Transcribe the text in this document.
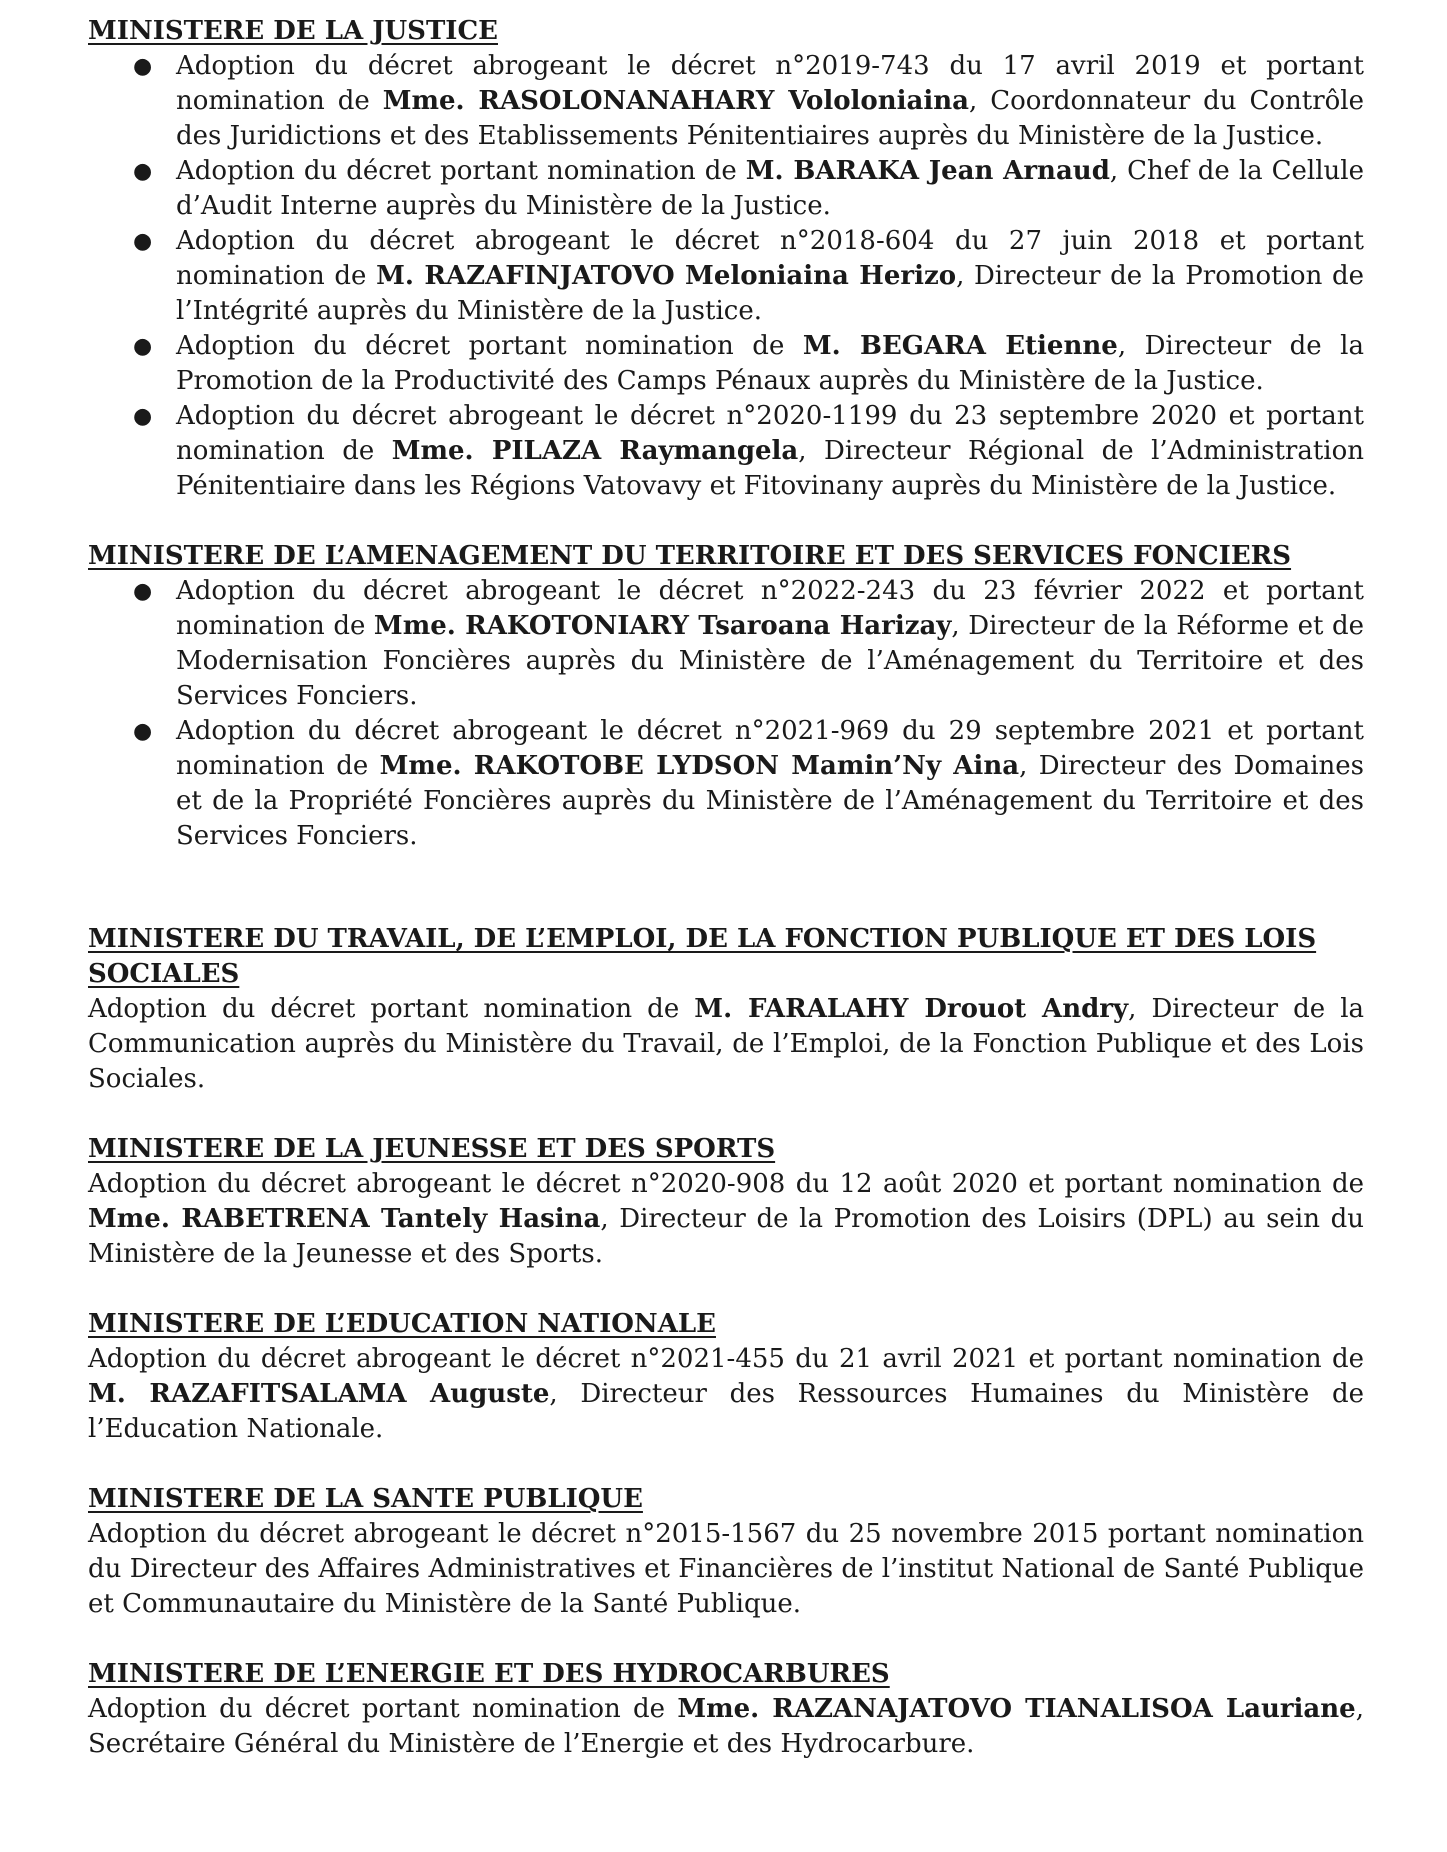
MINISTERE DE LA JUSTICE

● Adoption du décret abrogeant le décret n°2019-743 du 17 avril 2019 et portant nomination de Mme. RASOLONANAHARY Vololoniaina, Coordonnateur du Contrôle des Juridictions et des Etablissements Pénitentiaires auprès du Ministère de la Justice.
● Adoption du décret portant nomination de M. BARAKA Jean Arnaud, Chef de la Cellule d’Audit Interne auprès du Ministère de la Justice.
● Adoption du décret abrogeant le décret n°2018-604 du 27 juin 2018 et portant nomination de M. RAZAFINJATOVO Meloniaina Herizo, Directeur de la Promotion de l’Intégrité auprès du Ministère de la Justice.
● Adoption du décret portant nomination de M. BEGARA Etienne, Directeur de la Promotion de la Productivité des Camps Pénaux auprès du Ministère de la Justice.
● Adoption du décret abrogeant le décret n°2020-1199 du 23 septembre 2020 et portant nomination de Mme. PILAZA Raymangela, Directeur Régional de l’Administration Pénitentiaire dans les Régions Vatovavy et Fitovinany auprès du Ministère de la Justice.

MINISTERE DE L’AMENAGEMENT DU TERRITOIRE ET DES SERVICES FONCIERS

● Adoption du décret abrogeant le décret n°2022-243 du 23 février 2022 et portant nomination de Mme. RAKOTONIARY Tsaroana Harizay, Directeur de la Réforme et de Modernisation Foncières auprès du Ministère de l’Aménagement du Territoire et des Services Fonciers.
● Adoption du décret abrogeant le décret n°2021-969 du 29 septembre 2021 et portant nomination de Mme. RAKOTOBE LYDSON Mamin’Ny Aina, Directeur des Domaines et de la Propriété Foncières auprès du Ministère de l’Aménagement du Territoire et des Services Fonciers.

MINISTERE DU TRAVAIL, DE L’EMPLOI, DE LA FONCTION PUBLIQUE ET DES LOIS SOCIALES

Adoption du décret portant nomination de M. FARALAHY Drouot Andry, Directeur de la Communication auprès du Ministère du Travail, de l’Emploi, de la Fonction Publique et des Lois Sociales.

MINISTERE DE LA JEUNESSE ET DES SPORTS

Adoption du décret abrogeant le décret n°2020-908 du 12 août 2020 et portant nomination de Mme. RABETRENA Tantely Hasina, Directeur de la Promotion des Loisirs (DPL) au sein du Ministère de la Jeunesse et des Sports.

MINISTERE DE L’EDUCATION NATIONALE

Adoption du décret abrogeant le décret n°2021-455 du 21 avril 2021 et portant nomination de M. RAZAFITSALAMA Auguste, Directeur des Ressources Humaines du Ministère de l’Education Nationale.

MINISTERE DE LA SANTE PUBLIQUE

Adoption du décret abrogeant le décret n°2015-1567 du 25 novembre 2015 portant nomination du Directeur des Affaires Administratives et Financières de l’institut National de Santé Publique et Communautaire du Ministère de la Santé Publique.

MINISTERE DE L’ENERGIE ET DES HYDROCARBURES

Adoption du décret portant nomination de Mme. RAZANAJATOVO TIANALISOA Lauriane, Secrétaire Général du Ministère de l’Energie et des Hydrocarbure.
